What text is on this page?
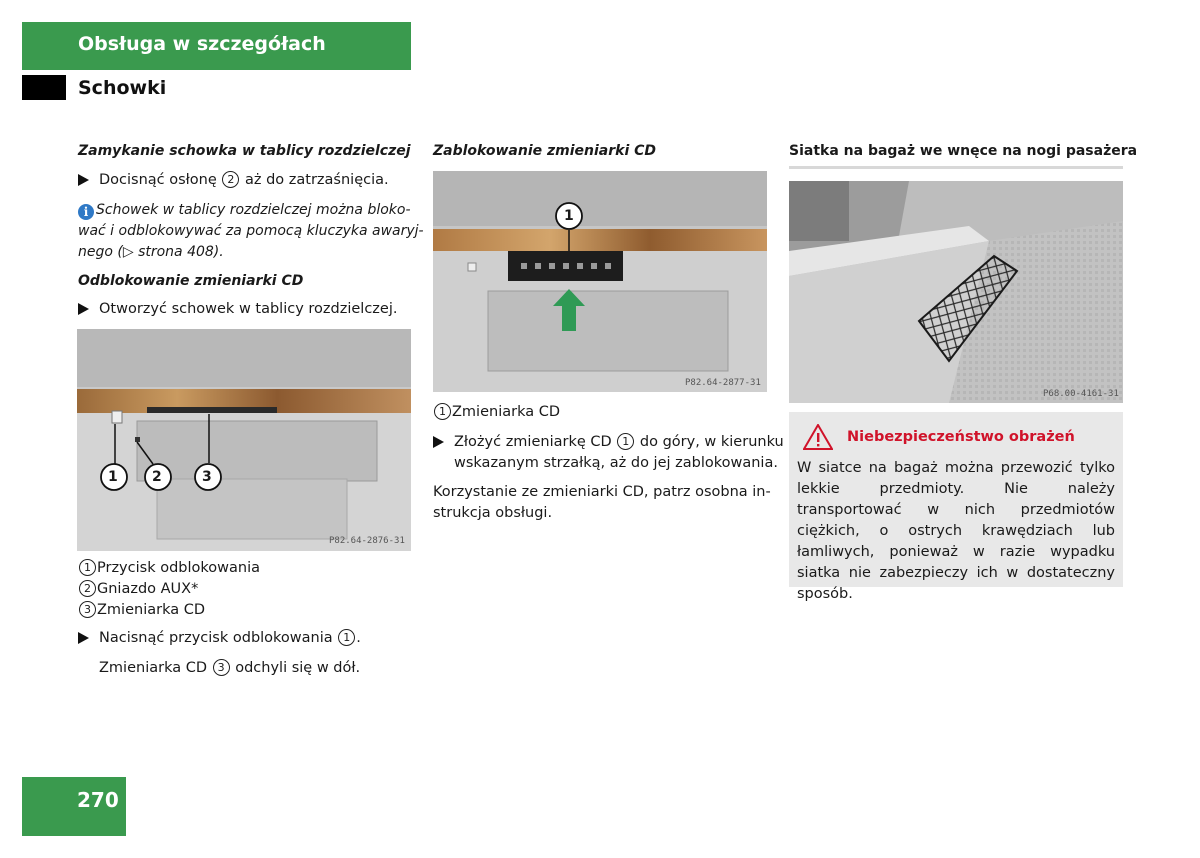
Obsługa w szczegółach
Schowki
Zamykanie schowka w tablicy rozdzielczej
Docisnąć osłonę 2 aż do zatrzaśnięcia.
i Schowek w tablicy rozdzielczej można bloko-
wać i odblokowywać za pomocą kluczyka awaryj-
nego (▷ strona 408).
Odblokowanie zmieniarki CD
Otworzyć schowek w tablicy rozdzielczej.
1 2	3
P82.64-2876-31
1 Przycisk odblokowania
2 Gniazdo AUX*
3 Zmieniarka CD
Nacisnąć przycisk odblokowania 1 .
Zmieniarka CD 3 odchyli się w dół.
Zablokowanie zmieniarki CD
1
P82.64-2877-31
1 Zmieniarka CD
Złożyć zmieniarkę CD 1 do góry, w kierunku
wskazanym strzałką, aż do jej zablokowania.
Korzystanie ze zmieniarki CD, patrz osobna in-
strukcja obsługi.
Siatka na bagaż we wnęce na nogi pasażera
P68.00-4161-31
Niebezpieczeństwo obrażeń
W siatce na bagaż można przewozić tylko lekkie przedmioty. Nie należy transportować w nich przedmiotów ciężkich, o ostrych krawędziach lub łamliwych, ponieważ w razie wypadku siatka nie zabezpieczy ich w dostateczny sposób.
270
